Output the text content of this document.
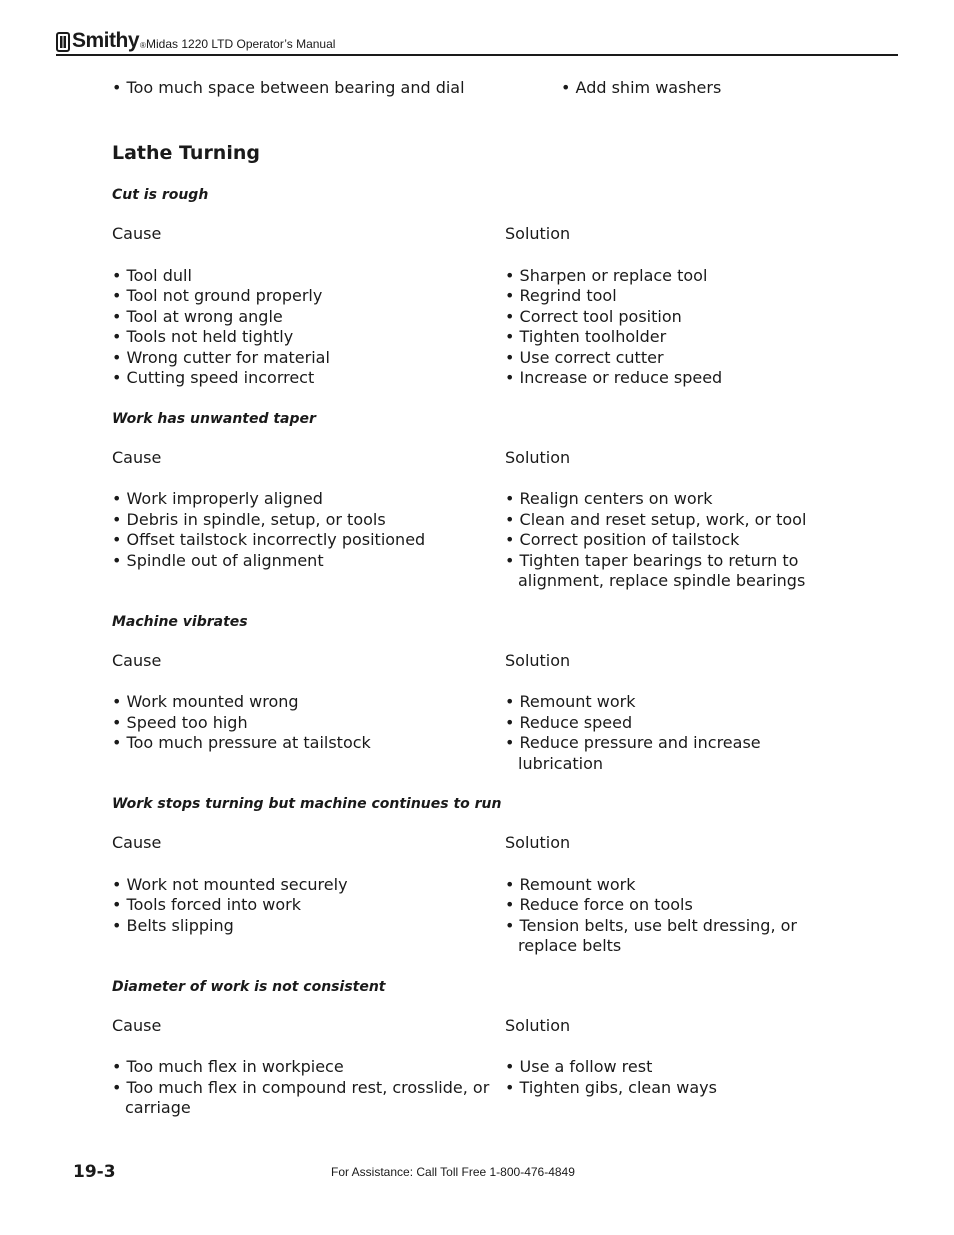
Smithy ® Midas 1220 LTD Operator’s Manual
• Too much space between bearing and dial
•	Add shim washers
Lathe Turning

Cut is rough

Cause
• Tool dull
• Tool not ground properly
• Tool at wrong angle
• Tools not held tightly
• Wrong cutter for material
• Cutting speed incorrect
Solution
• Sharpen or replace tool
• Regrind tool
• Correct tool position
• Tighten toolholder
• Use correct cutter
• Increase or reduce speed

Work has unwanted taper

Cause
• Work improperly aligned
• Debris in spindle, setup, or tools
• Offset tailstock incorrectly positioned
• Spindle out of alignment
Solution
• Realign centers on work
• Clean and reset setup, work, or tool
• Correct position of tailstock
• Tighten taper bearings to return to alignment, replace spindle bearings

Machine vibrates

Cause
• Work mounted wrong
• Speed too high
• Too much pressure at tailstock
Solution
• Remount work
• Reduce speed
• Reduce pressure and increase lubrication

Work stops turning but machine continues to run

Cause
• Work not mounted securely
• Tools forced into work
• Belts slipping
Solution
• Remount work
• Reduce force on tools
• Tension belts, use belt dressing, or replace belts

Diameter of work is not consistent

Cause
• Too much flex in workpiece
• Too much flex in compound rest, crosslide, or carriage
Solution
• Use a follow rest
• Tighten gibs, clean ways
19-3	For Assistance: Call Toll Free 1-800-476-4849
